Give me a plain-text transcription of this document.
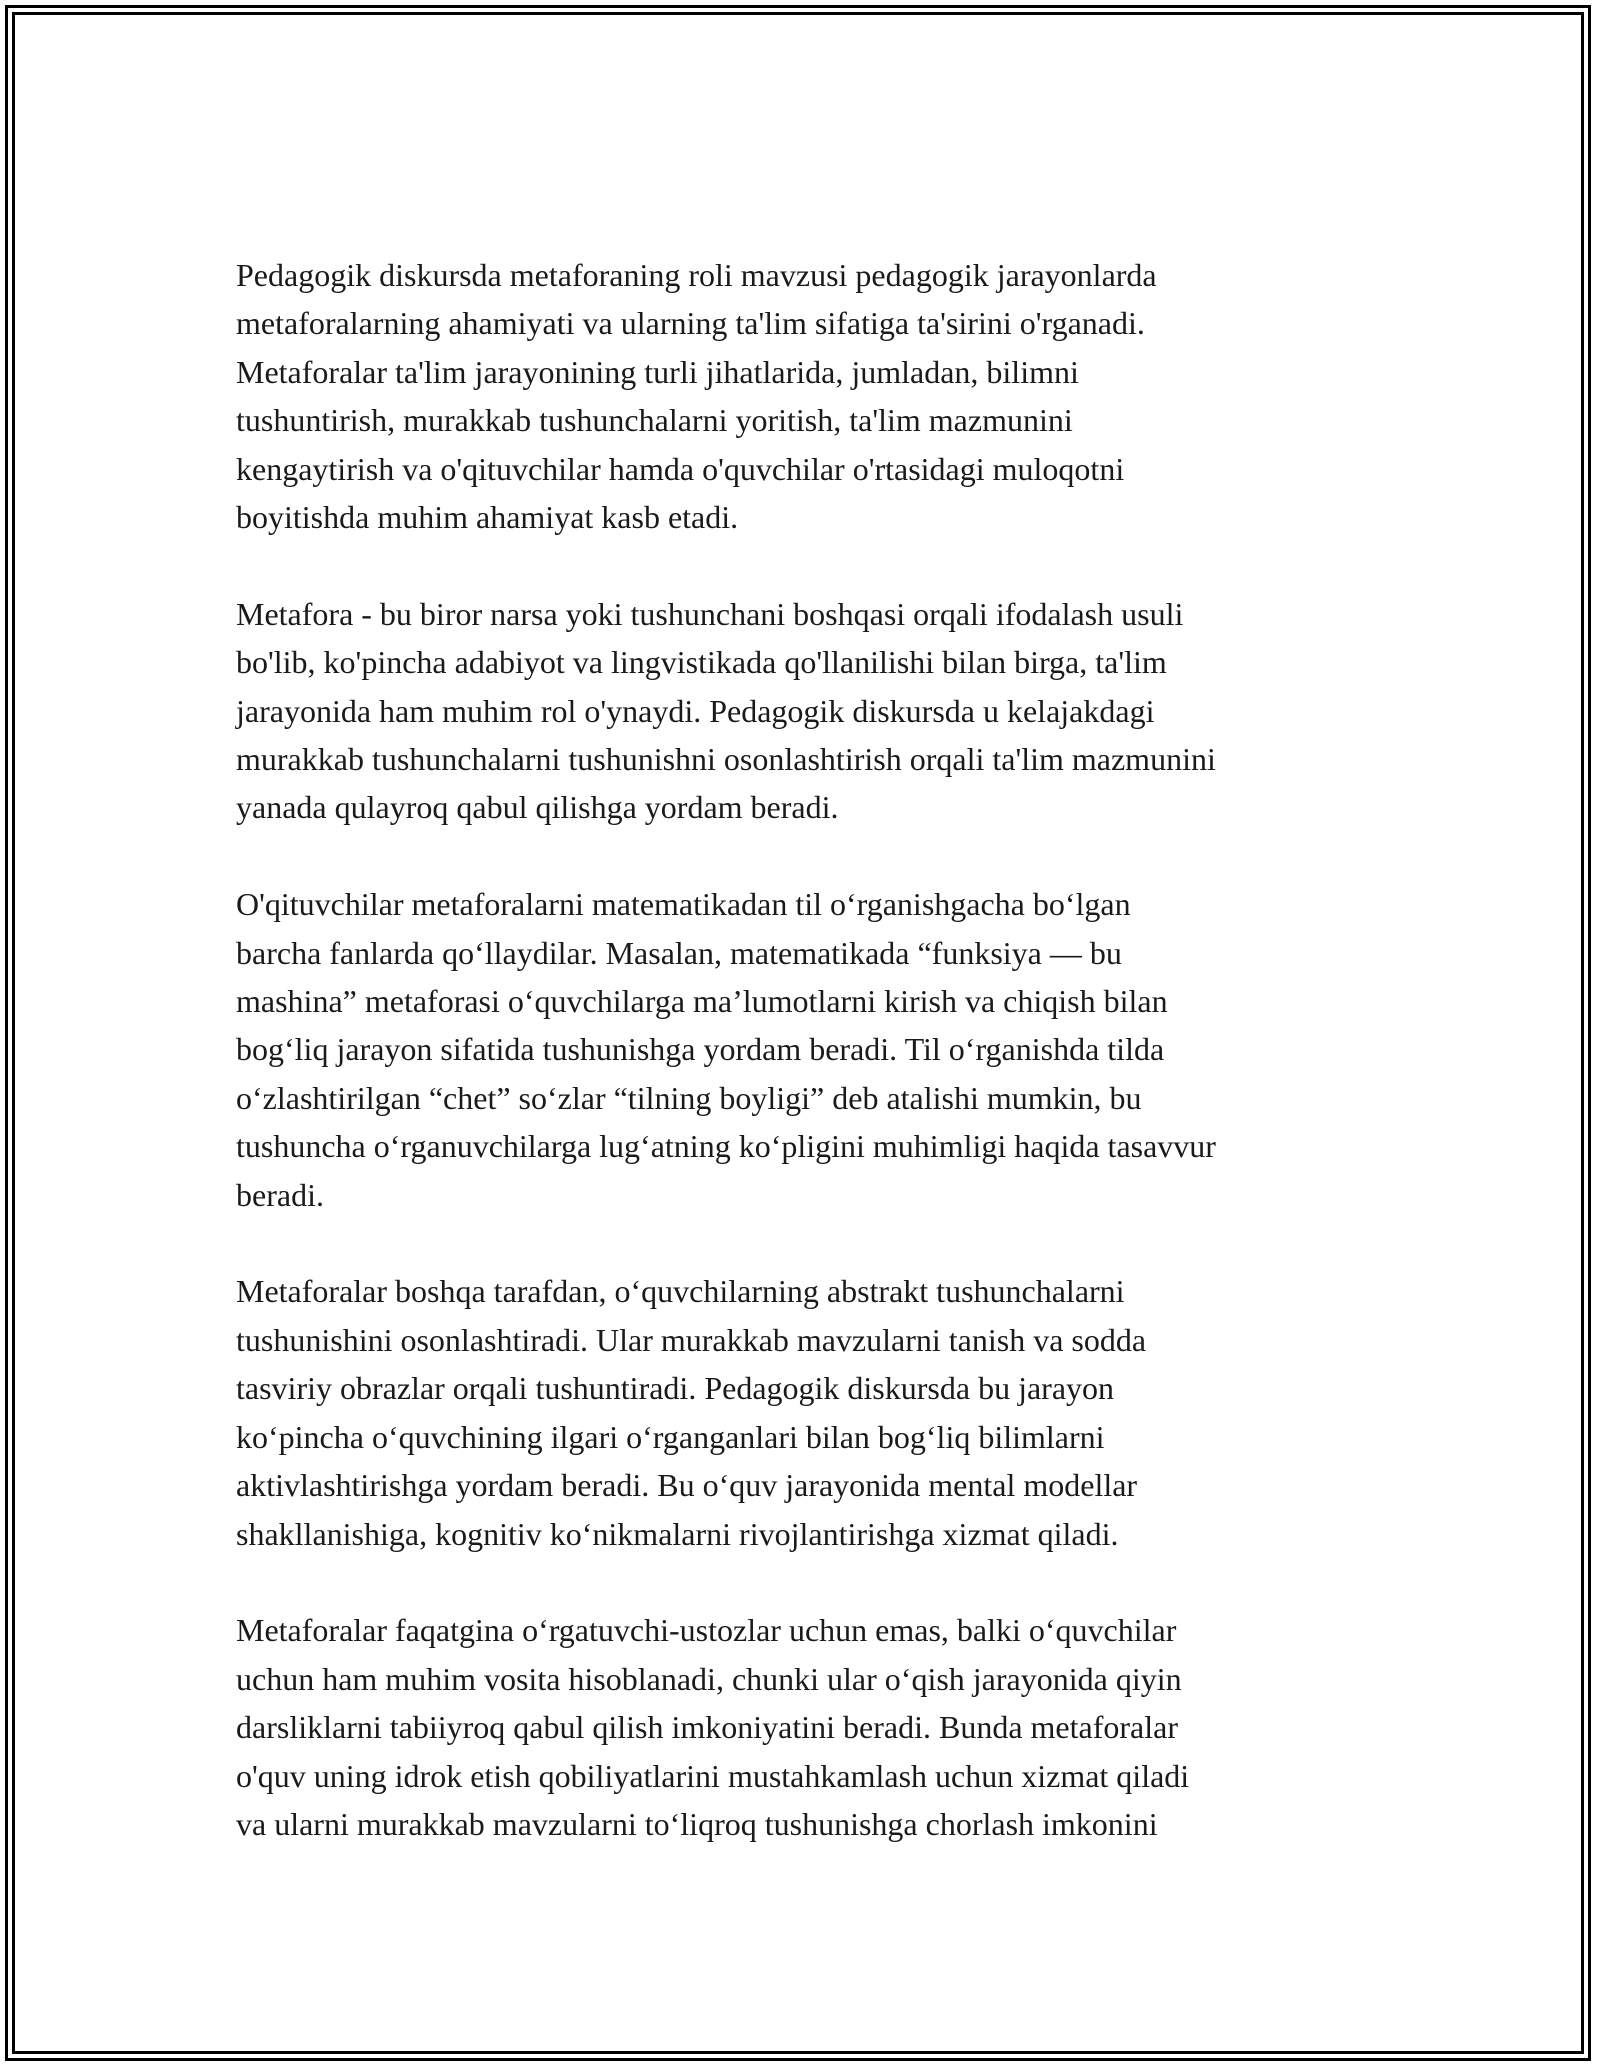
Pedagogik diskursda metaforaning roli mavzusi pedagogik jarayonlarda
metaforalarning ahamiyati va ularning ta'lim sifatiga ta'sirini o'rganadi.
Metaforalar ta'lim jarayonining turli jihatlarida, jumladan, bilimni
tushuntirish, murakkab tushunchalarni yoritish, ta'lim mazmunini
kengaytirish va o'qituvchilar hamda o'quvchilar o'rtasidagi muloqotni
boyitishda muhim ahamiyat kasb etadi.

Metafora - bu biror narsa yoki tushunchani boshqasi orqali ifodalash usuli
bo'lib, ko'pincha adabiyot va lingvistikada qo'llanilishi bilan birga, ta'lim
jarayonida ham muhim rol o'ynaydi. Pedagogik diskursda u kelajakdagi
murakkab tushunchalarni tushunishni osonlashtirish orqali ta'lim mazmunini
yanada qulayroq qabul qilishga yordam beradi.

O'qituvchilar metaforalarni matematikadan til o‘rganishgacha bo‘lgan
barcha fanlarda qo‘llaydilar. Masalan, matematikada “funksiya — bu
mashina” metaforasi o‘quvchilarga ma’lumotlarni kirish va chiqish bilan
bog‘liq jarayon sifatida tushunishga yordam beradi. Til o‘rganishda tilda
o‘zlashtirilgan “chet” so‘zlar “tilning boyligi” deb atalishi mumkin, bu
tushuncha o‘rganuvchilarga lug‘atning ko‘pligini muhimligi haqida tasavvur
beradi.

Metaforalar boshqa tarafdan, o‘quvchilarning abstrakt tushunchalarni
tushunishini osonlashtiradi. Ular murakkab mavzularni tanish va sodda
tasviriy obrazlar orqali tushuntiradi. Pedagogik diskursda bu jarayon
ko‘pincha o‘quvchining ilgari o‘rganganlari bilan bog‘liq bilimlarni
aktivlashtirishga yordam beradi. Bu o‘quv jarayonida mental modellar
shakllanishiga, kognitiv ko‘nikmalarni rivojlantirishga xizmat qiladi.

Metaforalar faqatgina o‘rgatuvchi-ustozlar uchun emas, balki o‘quvchilar
uchun ham muhim vosita hisoblanadi, chunki ular o‘qish jarayonida qiyin
darsliklarni tabiiyroq qabul qilish imkoniyatini beradi. Bunda metaforalar
o'quv uning idrok etish qobiliyatlarini mustahkamlash uchun xizmat qiladi
va ularni murakkab mavzularni to‘liqroq tushunishga chorlash imkonini
